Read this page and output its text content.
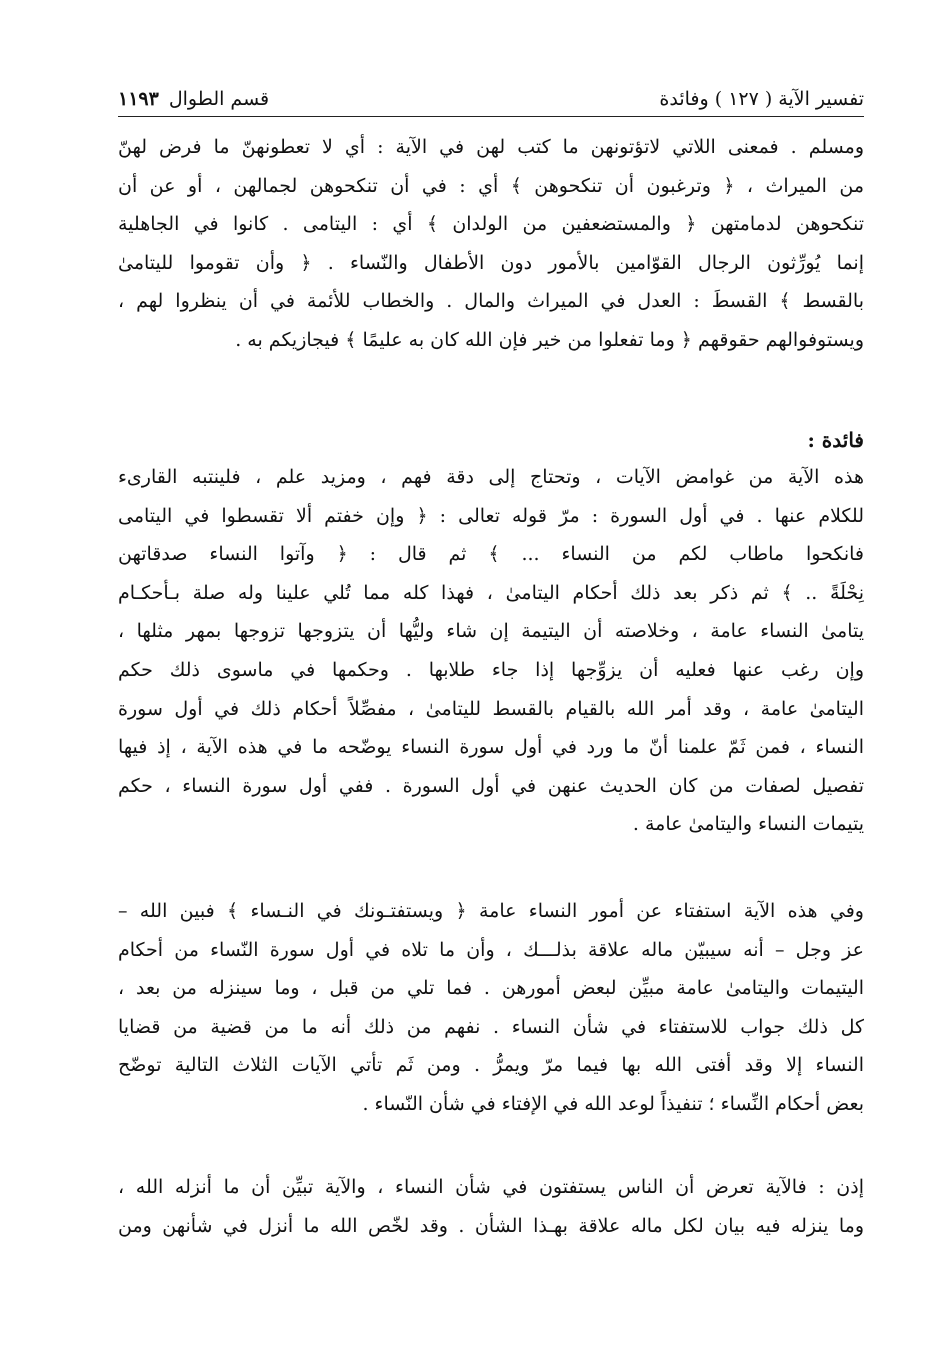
تفسير الآية ( ١٢٧ ) وفائدة
قسم الطوال
١١٩٣
ومسلم . فمعنى اللاتي لاتؤتونهن ما كتب لهن في الآية : أي لا تعطونهنّ ما فرض لهنّ
من الميراث ، ﴿ وترغبون أن تنكحوهن ﴾ أي : في أن تنكحوهن لجمالهن ، أو عن أن
تنكحوهن لدمامتهن ﴿ والمستضعفين من الولدان ﴾ أي : اليتامى . كانوا في الجاهلية
إنما يُورِّثون الرجال القوّامين بالأمور دون الأطفال والنّساء . ﴿ وأن تقوموا لليتامىٰ
بالقسط ﴾ القسطَ : العدل في الميراث والمال . والخطاب للأئمة في أن ينظروا لهم ،
ويستوفوالهم حقوقهم ﴿ وما تفعلوا من خير فإن الله كان به عليمًا ﴾ فيجازيكم به .
فائدة :
هذه الآية من غوامض الآيات ، وتحتاج إلى دقة فهم ، ومزيد علم ، فلينتبه القارىء
للكلام عنها . في أول السورة : مرّ قوله تعالى : ﴿ وإن خفتم ألا تقسطوا في اليتامى
فانكحوا ماطاب لكم من النساء ... ﴾ ثم قال : ﴿ وآتوا النساء صدقاتهن
نِحْلَةً .. ﴾ ثم ذكر بعد ذلك أحكام اليتامىٰ ، فهذا كله مما تُلي علينا وله صلة بـأحكـام
يتامىٰ النساء عامة ، وخلاصته أن اليتيمة إن شاء وليُّها أن يتزوجها تزوجها بمهر مثلها ،
وإن رغب عنها فعليه أن يزوِّجها إذا جاء طلابها . وحكمها في ماسوى ذلك حكم
اليتامىٰ عامة ، وقد أمر الله بالقيام بالقسط لليتامىٰ ، مفصِّلاً أحكام ذلك في أول سورة
النساء ، فمن ثَمّ علمنا أنّ ما ورد في أول سورة النساء يوضّحه ما في هذه الآية ، إذ فيها
تفصيل لصفات من كان الحديث عنهن في أول السورة . ففي أول سورة النساء ، حكم
يتيمات النساء واليتامىٰ عامة .
وفي هذه الآية استفتاء عن أمور النساء عامة ﴿ ويستفتـونك في النـساء ﴾ فبين الله –
عز وجل – أنه سيبيّن ماله علاقة بذلـــك ، وأن ما تلاه في أول سورة النّساء من أحكام
اليتيمات واليتامىٰ عامة مبيِّن لبعض أمورهن . فما تلي من قبل ، وما سينزله من بعد ،
كل ذلك جواب للاستفتاء في شأن النساء . نفهم من ذلك أنه ما من قضية من قضايا
النساء إلا وقد أفتى الله بها فيما مرّ ويمرُّ . ومن ثَم تأتي الآيات الثلاث التالية توضّح
بعض أحكام النِّساء ؛ تنفيذاً لوعد الله في الإفتاء في شأن النّساء .
إذن : فالآية تعرض أن الناس يستفتون في شأن النساء ، والآية تبيِّن أن ما أنزله الله ،
وما ينزله فيه بيان لكل ماله علاقة بهـذا الشأن . وقد لخّص الله ما أنزل في شأنهن ومن
